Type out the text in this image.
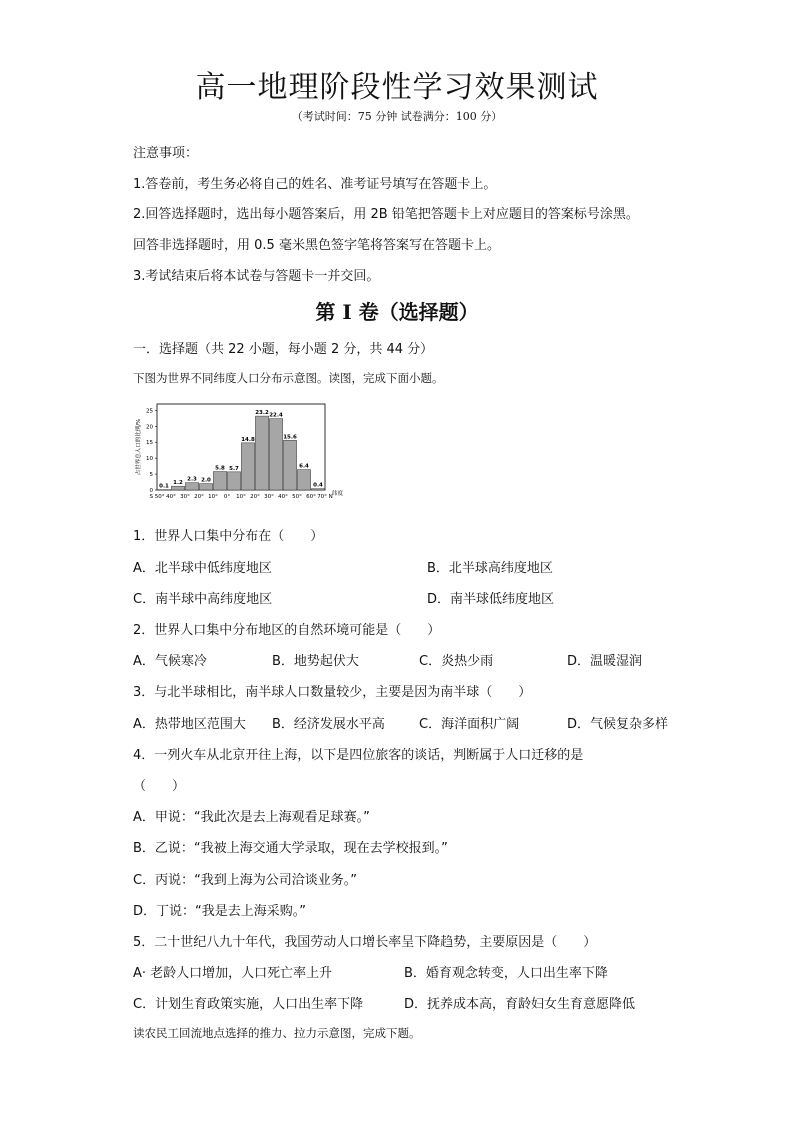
高一地理阶段性学习效果测试
（考试时间：75 分钟 试卷满分：100 分）
注意事项：
1.答卷前，考生务必将自己的姓名、准考证号填写在答题卡上。
2.回答选择题时，选出每小题答案后，用 2B 铅笔把答题卡上对应题目的答案标号涂黑。
回答非选择题时，用 0.5 毫米黑色签字笔将答案写在答题卡上。
3.考试结束后将本试卷与答题卡一并交回。
第 I 卷（选择题）
一．选择题（共 22 小题，每小题 2 分，共 44 分）
下图为世界不同纬度人口分布示意图。读图，完成下面小题。
0
5
10
15
20
25
0.1
1.2
2.3 2.0
5.8 5.7
14.8
23.2 22.4
15.6
6.4
0.4
S 50° 40° 30° 20° 10° 0° 10° 20° 30° 40° 50° 60° 70° N 纬度
占世界总人口的比例/%
1．世界人口集中分布在（　　）
A．北半球中低纬度地区	B．北半球高纬度地区
C．南半球中高纬度地区	D．南半球低纬度地区
2．世界人口集中分布地区的自然环境可能是（　　）
A．气候寒冷	B．地势起伏大	C．炎热少雨	D．温暖湿润
3．与北半球相比，南半球人口数量较少，主要是因为南半球（　　）
A．热带地区范围大 B．经济发展水平高	C．海洋面积广阔	D．气候复杂多样
4．一列火车从北京开往上海，以下是四位旅客的谈话，判断属于人口迁移的是
（　　）
A．甲说：“我此次是去上海观看足球赛。”
B．乙说：“我被上海交通大学录取，现在去学校报到。”
C．丙说：“我到上海为公司洽谈业务。”
D．丁说：“我是去上海采购。”
5．二十世纪八九十年代，我国劳动人口增长率呈下降趋势，主要原因是（　　）
A· 老龄人口增加，人口死亡率上升	B．婚育观念转变，人口出生率下降
C．计划生育政策实施，人口出生率下降	D．抚养成本高，育龄妇女生育意愿降低
读农民工回流地点选择的推力、拉力示意图，完成下题。
